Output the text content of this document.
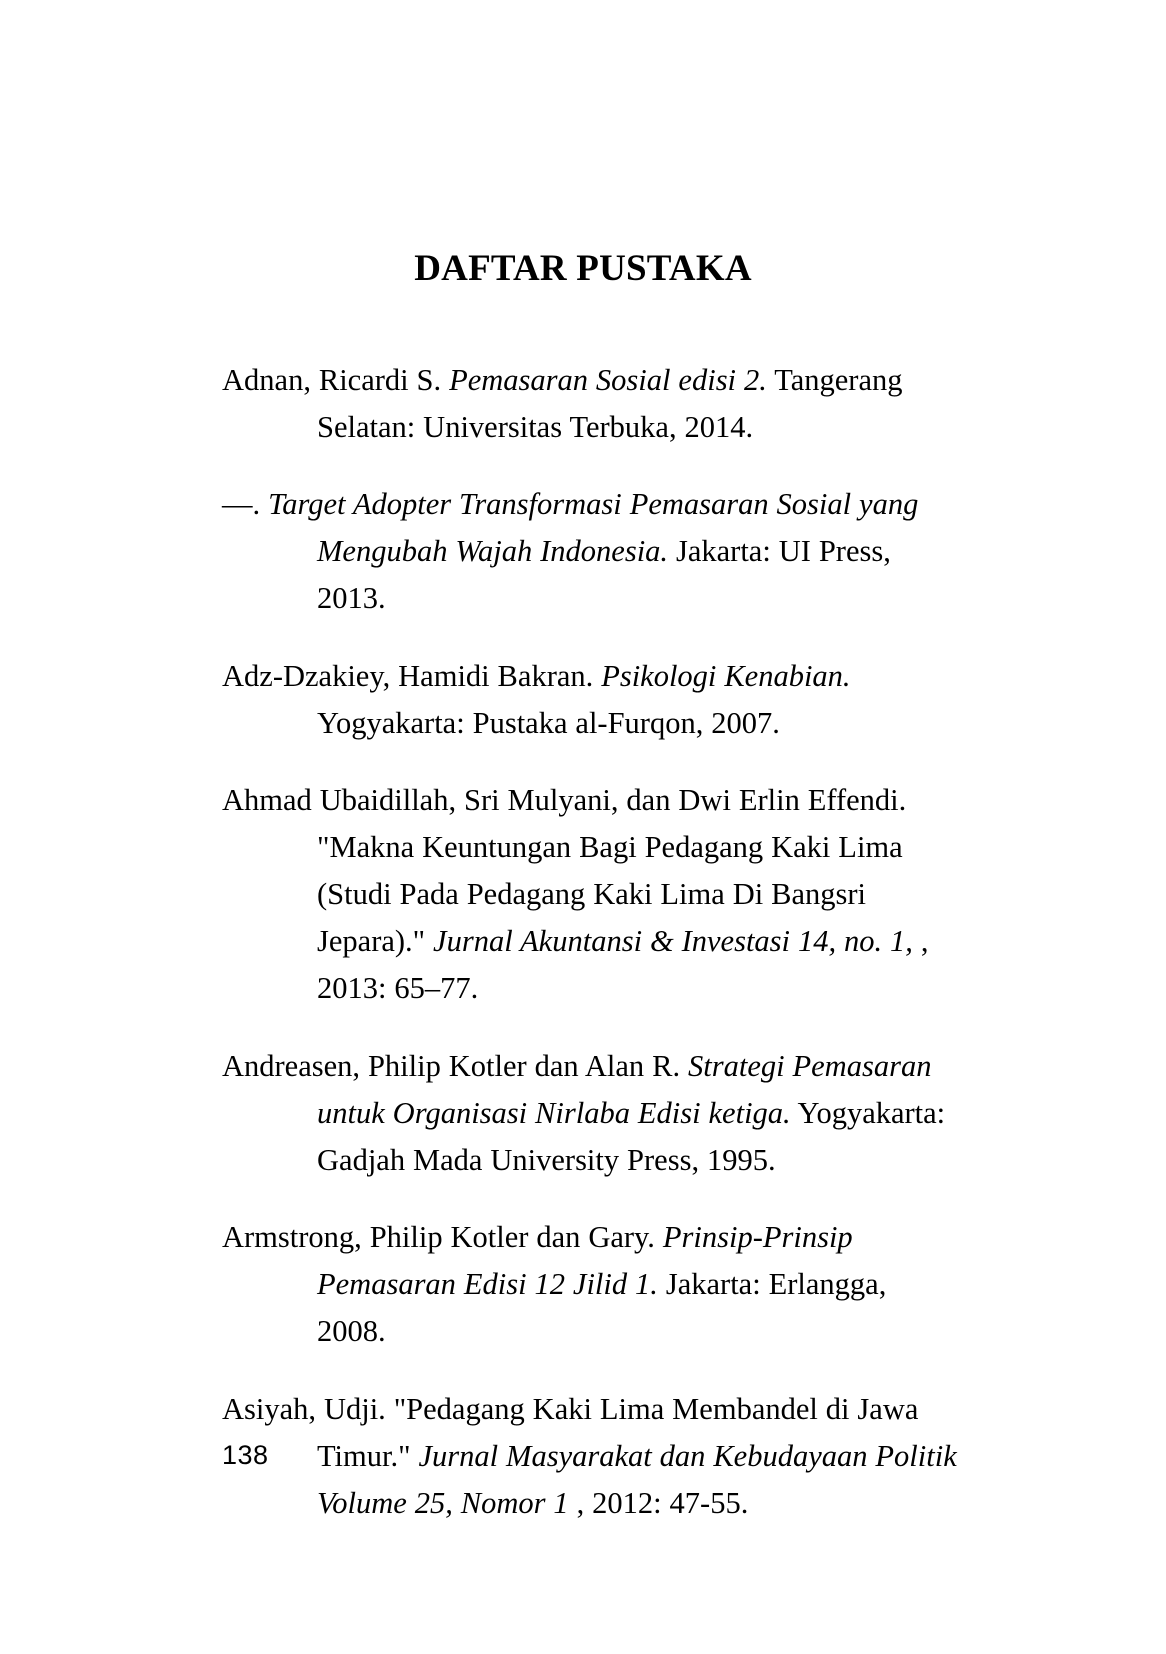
DAFTAR PUSTAKA

Adnan, Ricardi S. Pemasaran Sosial edisi 2. Tangerang Selatan: Universitas Terbuka, 2014.

—. Target Adopter Transformasi Pemasaran Sosial yang Mengubah Wajah Indonesia. Jakarta: UI Press, 2013.

Adz-Dzakiey, Hamidi Bakran. Psikologi Kenabian. Yogyakarta: Pustaka al-Furqon, 2007.

Ahmad Ubaidillah, Sri Mulyani, dan Dwi Erlin Effendi. "Makna Keuntungan Bagi Pedagang Kaki Lima (Studi Pada Pedagang Kaki Lima Di Bangsri Jepara)." Jurnal Akuntansi & Investasi 14, no. 1, , 2013: 65–77.

Andreasen, Philip Kotler dan Alan R. Strategi Pemasaran untuk Organisasi Nirlaba Edisi ketiga. Yogyakarta: Gadjah Mada University Press, 1995.

Armstrong, Philip Kotler dan Gary. Prinsip-Prinsip Pemasaran Edisi 12 Jilid 1. Jakarta: Erlangga, 2008.

Asiyah, Udji. "Pedagang Kaki Lima Membandel di Jawa Timur." Jurnal Masyarakat dan Kebudayaan Politik Volume 25, Nomor 1 , 2012: 47-55.

138
